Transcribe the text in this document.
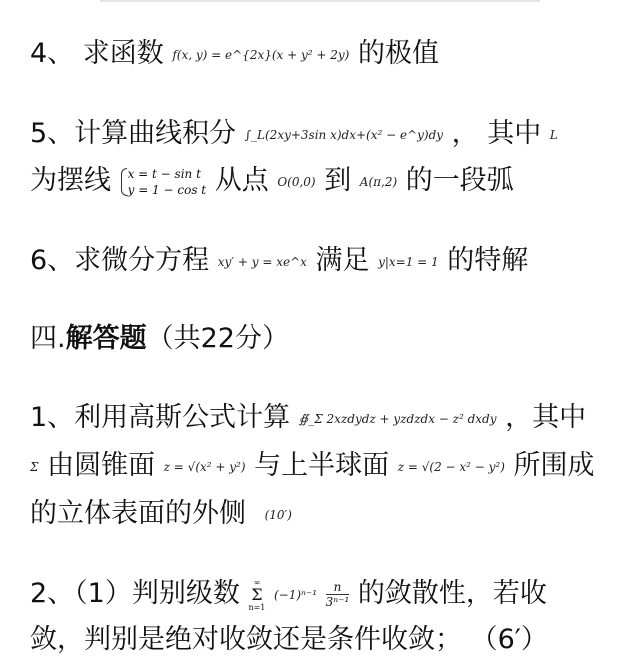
4、 求函数 f(x, y) = e^{2x}(x + y² + 2y) 的极值
5、计算曲线积分 ∫_L(2xy+3sin x)dx+(x² − e^y)dy ， 其中 L
为摆线 x = t − sin t
y = 1 − cos t 从点 O(0,0) 到 A(π,2) 的一段弧
6、求微分方程 xy′ + y = xe^x 满足 y|x=1 = 1 的特解
四.解答题（共22分）
1、利用高斯公式计算 ∯_Σ 2xzdydz + yzdzdx − z² dxdy ，其中
Σ 由圆锥面 z = √(x² + y²) 与上半球面 z = √(2 − x² − y²) 所围成
的立体表面的外侧 (10′)
2、（1）判别级数 ∞
Σ
n=1 $(-1)^{n-1} \frac{n}{\text{3ⁿ⁻¹}}$ 的敛散性，若收
敛，判别是绝对收敛还是条件收敛； （6′）
